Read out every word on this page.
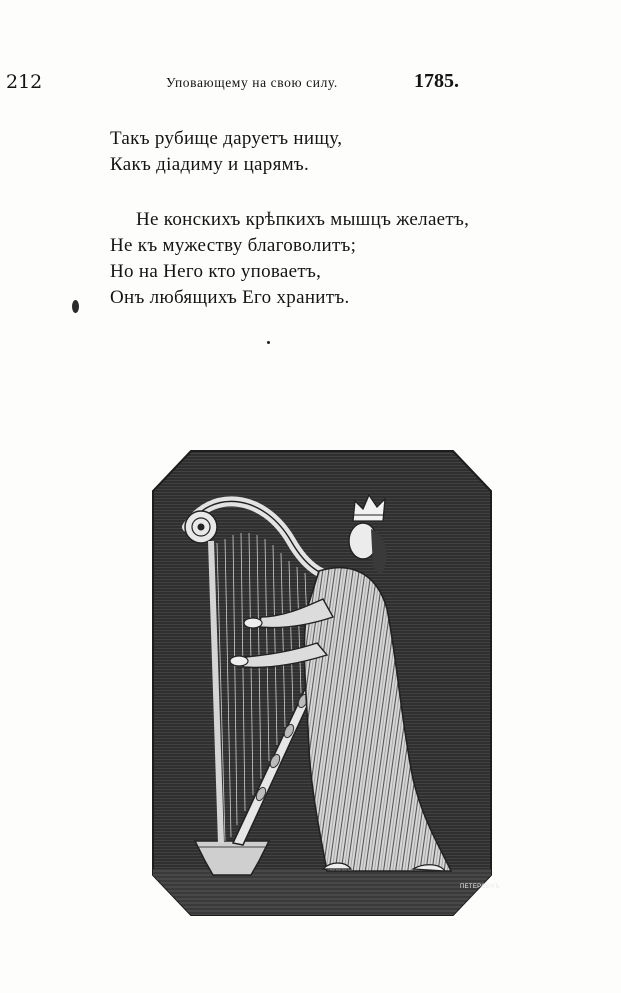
212	Уповающему на свою силу.	1785.
Такъ рубище даруетъ нищу,
Какъ діадиму и царямъ.
Не конскихъ крѣпкихъ мышцъ желаетъ,
Не къ мужеству благоволитъ;
Но на Него кто уповаетъ,
Онъ любящихъ Его хранитъ.
ПЕТЕРСЕНЪ
